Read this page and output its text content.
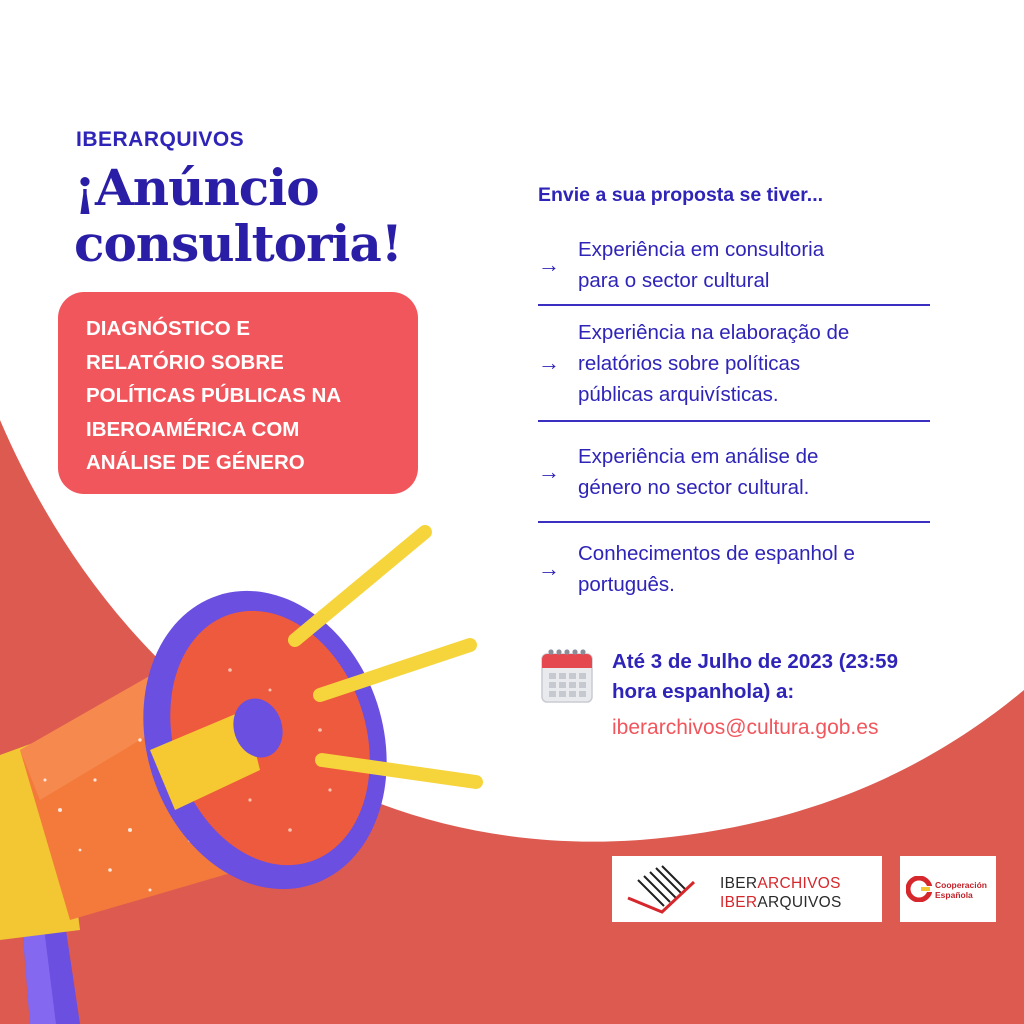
IBERARQUIVOS
¡Anúncio
consultoria!
DIAGNÓSTICO E
RELATÓRIO SOBRE
POLÍTICAS PÚBLICAS NA
IBEROAMÉRICA COM
ANÁLISE DE GÉNERO
Envie a sua proposta se tiver...
→
Experiência em consultoria
para o sector cultural
→
Experiência na elaboração de
relatórios sobre políticas
públicas arquivísticas.
→
Experiência em análise de
género no sector cultural.
→
Conhecimentos de espanhol e
português.
Até 3 de Julho de 2023 (23:59
hora espanhola) a:
iberarchivos@cultura.gob.es
IBERARCHIVOS
IBERARQUIVOS
Cooperación
Española
